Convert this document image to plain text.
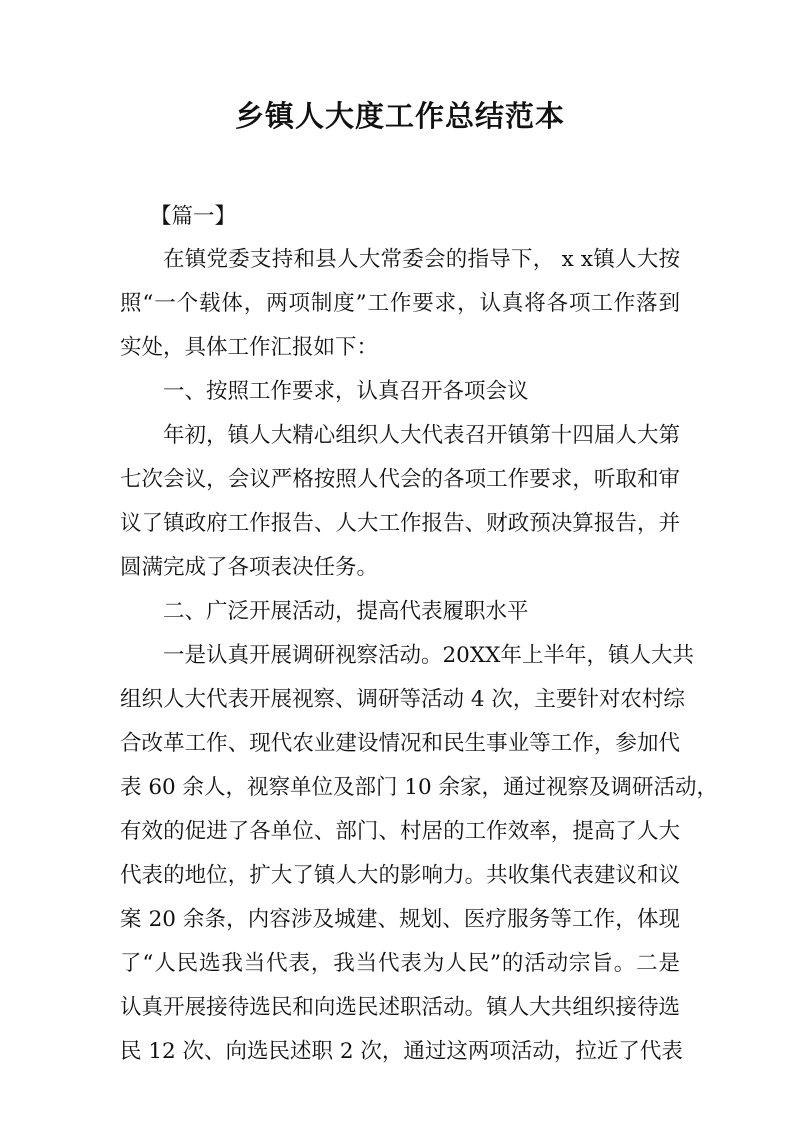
乡镇人大度工作总结范本
【篇一】
在镇党委支持和县人大常委会的指导下， x x镇人大按
照“一个载体，两项制度”工作要求，认真将各项工作落到
实处，具体工作汇报如下：
一、按照工作要求，认真召开各项会议
年初，镇人大精心组织人大代表召开镇第十四届人大第
七次会议，会议严格按照人代会的各项工作要求，听取和审
议了镇政府工作报告、人大工作报告、财政预决算报告，并
圆满完成了各项表决任务。
二、广泛开展活动，提高代表履职水平
一是认真开展调研视察活动。20XX年上半年，镇人大共
组织人大代表开展视察、调研等活动 4 次，主要针对农村综
合改革工作、现代农业建设情况和民生事业等工作，参加代
表 60 余人，视察单位及部门 10 余家，通过视察及调研活动，
有效的促进了各单位、部门、村居的工作效率，提高了人大
代表的地位，扩大了镇人大的影响力。共收集代表建议和议
案 20 余条，内容涉及城建、规划、医疗服务等工作，体现
了“人民选我当代表，我当代表为人民”的活动宗旨。二是
认真开展接待选民和向选民述职活动。镇人大共组织接待选
民 12 次、向选民述职 2 次，通过这两项活动，拉近了代表
